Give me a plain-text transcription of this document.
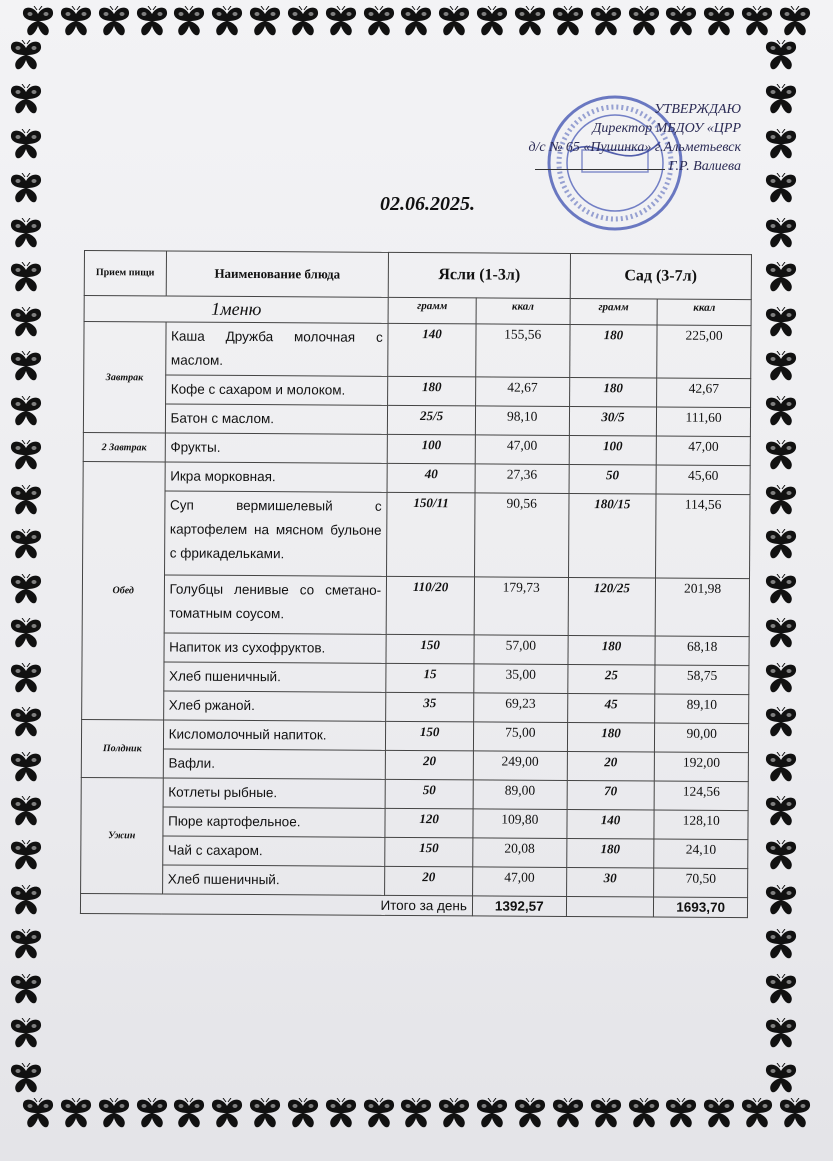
УТВЕРЖДАЮ
Директор МБДОУ «ЦРР
д/с № 65 «Пушинка» г.Альметьевск
Г.Р. Валиева
02.06.2025.
Прием пищи	Наименование блюда	Ясли (1-3л)		Сад (3-7л)	
1меню		грамм	ккал	грамм	ккал
Завтрак	Каша Дружба молочная с маслом.	140	155,56	180	225,00
	Кофе с сахаром и молоком.	180	42,67	180	42,67
	Батон с маслом.	25/5	98,10	30/5	111,60
2 Завтрак	Фрукты.	100	47,00	100	47,00
Обед	Икра морковная.	40	27,36	50	45,60
	Суп вермишелевый с картофелем на мясном бульоне с фрикадельками.	150/11	90,56	180/15	114,56
	Голубцы ленивые со сметано-томатным соусом.	110/20	179,73	120/25	201,98
	Напиток из сухофруктов.	150	57,00	180	68,18
	Хлеб пшеничный.	15	35,00	25	58,75
	Хлеб ржаной.	35	69,23	45	89,10
Полдник	Кисломолочный напиток.	150	75,00	180	90,00
	Вафли.	20	249,00	20	192,00
Ужин	Котлеты рыбные.	50	89,00	70	124,56
	Пюре картофельное.	120	109,80	140	128,10
	Чай с сахаром.	150	20,08	180	24,10
	Хлеб пшеничный.	20	47,00	30	70,50
Итого за день			1392,57		1693,70
